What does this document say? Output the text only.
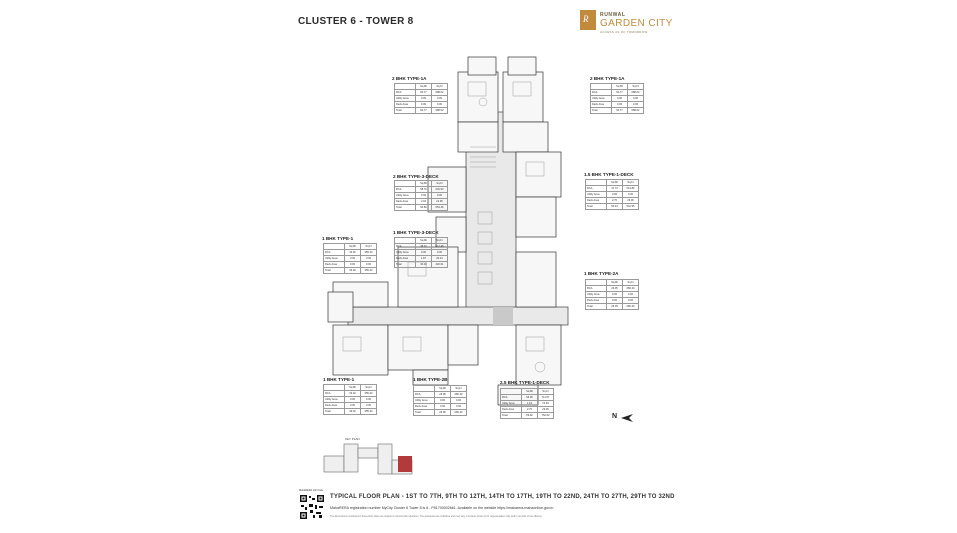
CLUSTER 6 - TOWER 8	R RUNWAL
GARDEN CITY
ACCESS AS OF TOMORROW
2 BHK TYPE-1A
	Sq.Mt	Sq.Ft
RCA	60.77	688.02
Utility Area	0.00	0.00
Deck Area	0.00	0.00
Total	60.77	688.02
2 BHK TYPE-1A
	Sq.Mt	Sq.Ft
RCA	60.77	688.02
Utility Area	0.00	0.00
Deck Area	0.00	0.00
Total	60.77	688.02
2 BHK TYPE-3-DECK
	Sq.Mt	Sq.Ft
RCA	58.76	632.50
Utility Area	0.00	0.00
Deck Area	2.04	21.96
Total	60.80	654.46
1.5 BHK TYPE-1-DECK
	Sq.Mt	Sq.Ft
RCA	47.74	513.89
Utility Area	0.00	0.00
Deck Area	2.70	29.06
Total	50.44	542.95
1 BHK TYPE-3-DECK
	Sq.Mt	Sq.Ft
RCA	38.32	412.48
Utility Area	0.00	0.00
Deck Area	1.87	20.13
Total	40.19	432.61
1 BHK TYPE-1
	Sq.Mt	Sq.Ft
RCA	33.02	355.43
Utility Area	0.00	0.00
Deck Area	0.00	0.00
Total	33.02	355.43
1 BHK TYPE-2A
	Sq.Mt	Sq.Ft
RCA	26.05	280.40
Utility Area	0.00	0.00
Deck Area	0.00	0.00
Total	26.05	280.40
1 BHK TYPE-1
	Sq.Mt	Sq.Ft
RCA	33.02	355.43
Utility Area	0.00	0.00
Deck Area	0.00	0.00
Total	33.02	355.43
1 BHK TYPE-2B
	Sq.Mt	Sq.Ft
RCA	26.05	280.40
Utility Area	0.00	0.00
Deck Area	0.00	0.00
Total	26.05	280.40
2.5 BHK TYPE-1-DECK
	Sq.Mt	Sq.Ft
RCA	66.06	711.07
Utility Area	1.16	12.49
Deck Area	2.70	29.06
Total	69.92	752.62	N
KEY PLAN
MahaRERA QR Code
TYPICAL FLOOR PLAN - 1ST TO 7TH, 9TH TO 12TH, 14TH TO 17TH, 19TH TO 22ND, 24TH TO 27TH, 29TH TO 32ND
MahaRERA registration number MyCity Cluster 6 Tower 8 is 8 - P51700002661. Available on the website https://maharera.mahaonline.gov.in
The dimensions mentioned in these floor plans are subject to construction tolerance. The area/sizes are indicative and may vary. Furniture shown is for representation only and is not part of the offering.
